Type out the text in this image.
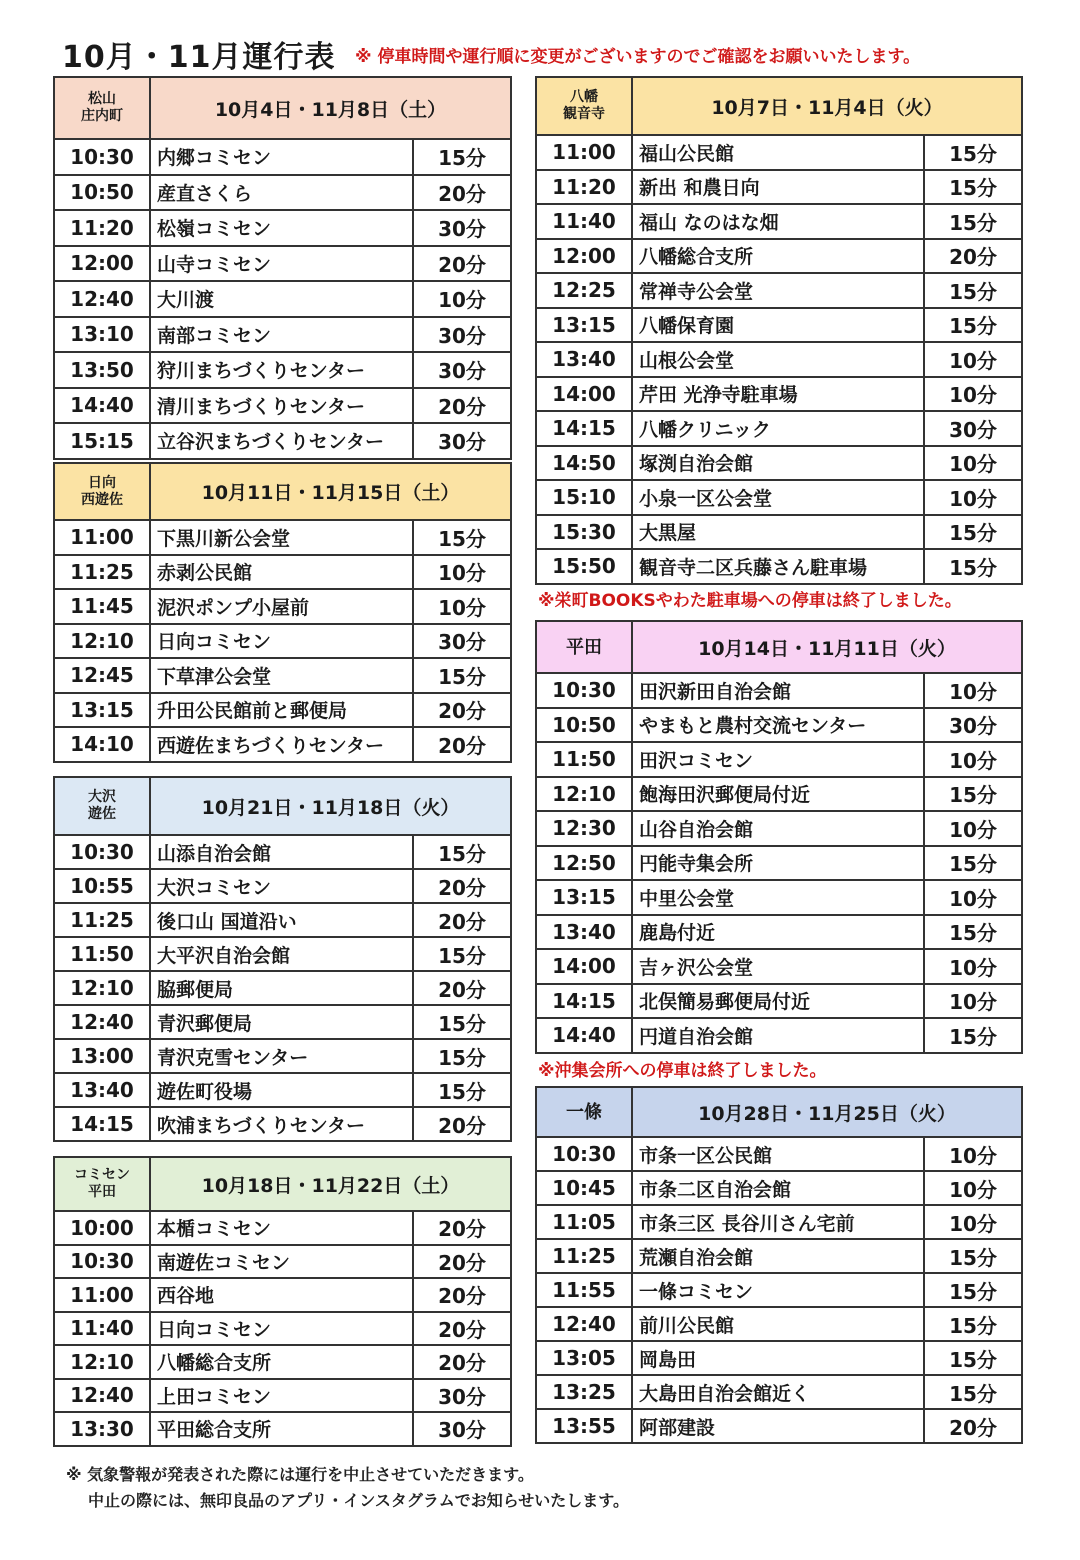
10月・11月運行表 ※ 停車時間や運行順に変更がございますのでご確認をお願いいたします。
松山
庄内町	10月4日・11月8日（土）	
10:30	内郷コミセン	15分
10:50	産直さくら	20分
11:20	松嶺コミセン	30分
12:00	山寺コミセン	20分
12:40	大川渡	10分
13:10	南部コミセン	30分
13:50	狩川まちづくりセンター	30分
14:40	清川まちづくりセンター	20分
15:15	立谷沢まちづくりセンター	30分
日向
西遊佐	10月11日・11月15日（土）	
11:00	下黒川新公会堂	15分
11:25	赤剥公民館	10分
11:45	泥沢ポンプ小屋前	10分
12:10	日向コミセン	30分
12:45	下草津公会堂	15分
13:15	升田公民館前と郵便局	20分
14:10	西遊佐まちづくりセンター	20分
大沢
遊佐	10月21日・11月18日（火）	
10:30	山添自治会館	15分
10:55	大沢コミセン	20分
11:25	後口山 国道沿い	20分
11:50	大平沢自治会館	15分
12:10	脇郵便局	20分
12:40	青沢郵便局	15分
13:00	青沢克雪センター	15分
13:40	遊佐町役場	15分
14:15	吹浦まちづくりセンター	20分
コミセン
平田	10月18日・11月22日（土）	
10:00	本楯コミセン	20分
10:30	南遊佐コミセン	20分
11:00	西谷地	20分
11:40	日向コミセン	20分
12:10	八幡総合支所	20分
12:40	上田コミセン	30分
13:30	平田総合支所	30分
八幡
観音寺	10月7日・11月4日（火）	
11:00	福山公民館	15分
11:20	新出 和農日向	15分
11:40	福山 なのはな畑	15分
12:00	八幡総合支所	20分
12:25	常禅寺公会堂	15分
13:15	八幡保育園	15分
13:40	山根公会堂	10分
14:00	芹田 光浄寺駐車場	10分
14:15	八幡クリニック	30分
14:50	塚渕自治会館	10分
15:10	小泉一区公会堂	10分
15:30	大黒屋	15分
15:50	観音寺二区兵藤さん駐車場	15分
平田	10月14日・11月11日（火）	
10:30	田沢新田自治会館	10分
10:50	やまもと農村交流センター	30分
11:50	田沢コミセン	10分
12:10	飽海田沢郵便局付近	15分
12:30	山谷自治会館	10分
12:50	円能寺集会所	15分
13:15	中里公会堂	10分
13:40	鹿島付近	15分
14:00	吉ヶ沢公会堂	10分
14:15	北俣簡易郵便局付近	10分
14:40	円道自治会館	15分
一條	10月28日・11月25日（火）	
10:30	市条一区公民館	10分
10:45	市条二区自治会館	10分
11:05	市条三区 長谷川さん宅前	10分
11:25	荒瀬自治会館	15分
11:55	一條コミセン	15分
12:40	前川公民館	15分
13:05	岡島田	15分
13:25	大島田自治会館近く	15分
13:55	阿部建設	20分
※栄町BOOKSやわた駐車場への停車は終了しました。
※沖集会所への停車は終了しました。
※ 気象警報が発表された際には運行を中止させていただきます。
中止の際には、無印良品のアプリ・インスタグラムでお知らせいたします。
